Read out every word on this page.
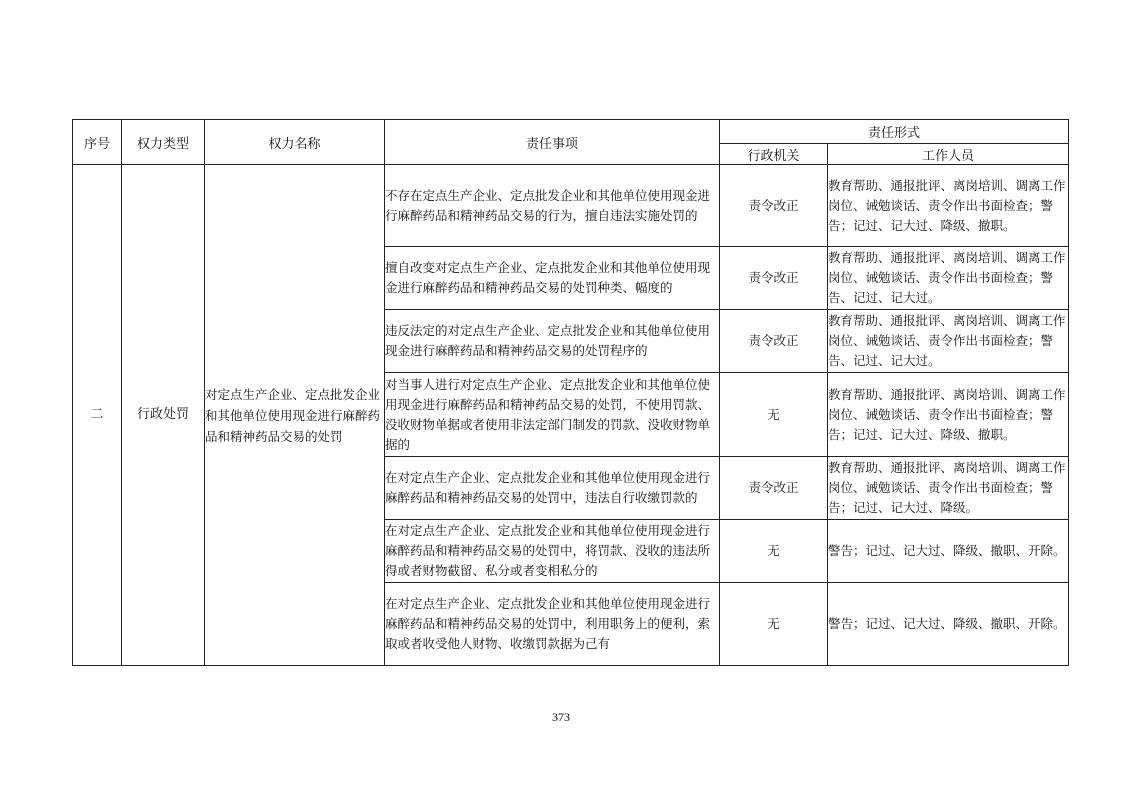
序号	权力类型	权力名称	责任事项	责任形式	
				行政机关	工作人员
二	行政处罚	对定点生产企业、定点批发企业和其他单位使用现金进行麻醉药品和精神药品交易的处罚	不存在定点生产企业、定点批发企业和其他单位使用现金进行麻醉药品和精神药品交易的行为，擅自违法实施处罚的	责令改正	教育帮助、通报批评、离岗培训、调离工作岗位、诫勉谈话、责令作出书面检查；警告；记过、记大过、降级、撤职。
			擅自改变对定点生产企业、定点批发企业和其他单位使用现金进行麻醉药品和精神药品交易的处罚种类、幅度的	责令改正	教育帮助、通报批评、离岗培训、调离工作岗位、诫勉谈话、责令作出书面检查；警告、记过、记大过。
			违反法定的对定点生产企业、定点批发企业和其他单位使用现金进行麻醉药品和精神药品交易的处罚程序的	责令改正	教育帮助、通报批评、离岗培训、调离工作岗位、诫勉谈话、责令作出书面检查；警告、记过、记大过。
			对当事人进行对定点生产企业、定点批发企业和其他单位使用现金进行麻醉药品和精神药品交易的处罚，不使用罚款、没收财物单据或者使用非法定部门制发的罚款、没收财物单据的	无	教育帮助、通报批评、离岗培训、调离工作岗位、诫勉谈话、责令作出书面检查；警告；记过、记大过、降级、撤职。
			在对定点生产企业、定点批发企业和其他单位使用现金进行麻醉药品和精神药品交易的处罚中，违法自行收缴罚款的	责令改正	教育帮助、通报批评、离岗培训、调离工作岗位、诫勉谈话、责令作出书面检查；警告；记过、记大过、降级。
			在对定点生产企业、定点批发企业和其他单位使用现金进行麻醉药品和精神药品交易的处罚中，将罚款、没收的违法所得或者财物截留、私分或者变相私分的	无	警告；记过、记大过、降级、撤职、开除。
			在对定点生产企业、定点批发企业和其他单位使用现金进行麻醉药品和精神药品交易的处罚中，利用职务上的便利，索取或者收受他人财物、收缴罚款据为己有	无	警告；记过、记大过、降级、撤职、开除。
373
